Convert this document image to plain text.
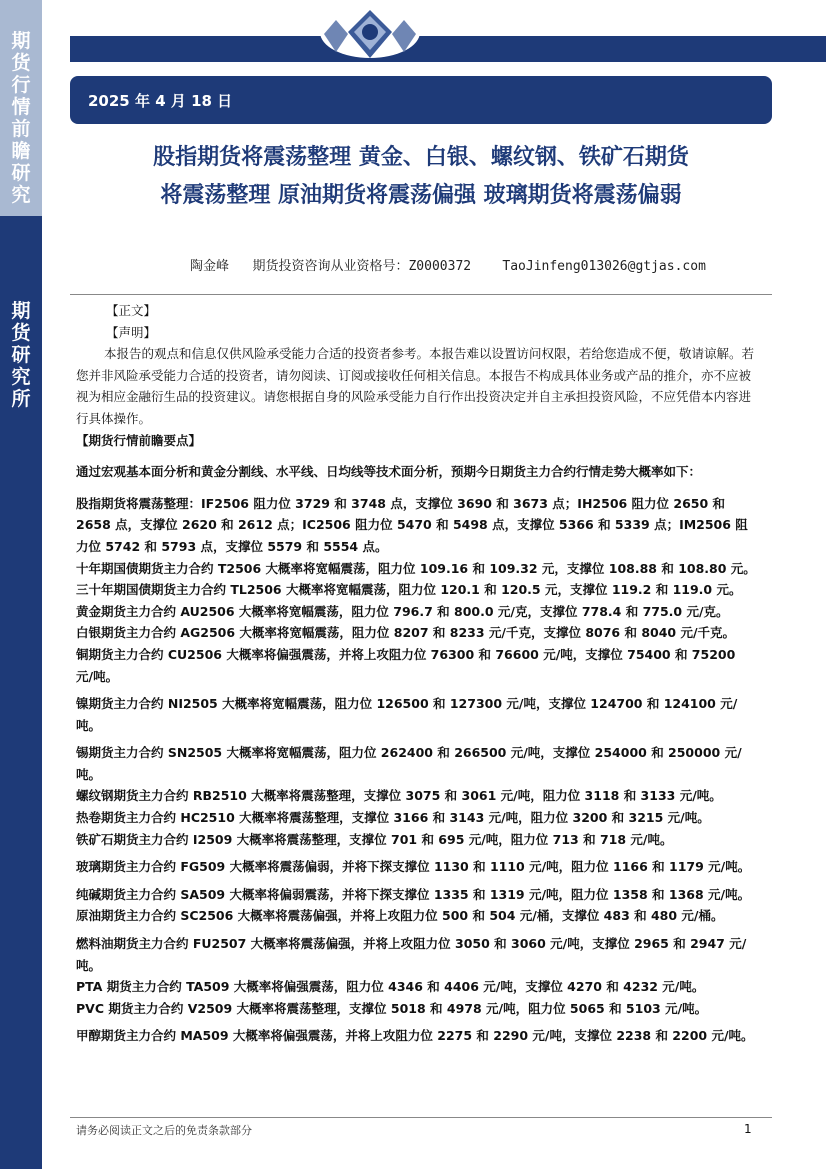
期
货
行
情
前
瞻
研
究
期
货
研
究
所
2025 年 4 月 18 日
股指期货将震荡整理 黄金、白银、螺纹钢、铁矿石期货
将震荡整理 原油期货将震荡偏强 玻璃期货将震荡偏弱
陶金峰   期货投资咨询从业资格号：Z0000372    TaoJinfeng013026@gtjas.com

【正文】

【声明】

本报告的观点和信息仅供风险承受能力合适的投资者参考。本报告难以设置访问权限，若给您造成不便，敬请谅解。若您并非风险承受能力合适的投资者，请勿阅读、订阅或接收任何相关信息。本报告不构成具体业务或产品的推介，亦不应被视为相应金融衍生品的投资建议。请您根据自身的风险承受能力自行作出投资决定并自主承担投资风险，不应凭借本内容进行具体操作。

【期货行情前瞻要点】

通过宏观基本面分析和黄金分割线、水平线、日均线等技术面分析，预期今日期货主力合约行情走势大概率如下：

股指期货将震荡整理：IF2506 阻力位 3729 和 3748 点，支撑位 3690 和 3673 点；IH2506 阻力位 2650 和 2658 点，支撑位 2620 和 2612 点；IC2506 阻力位 5470 和 5498 点，支撑位 5366 和 5339 点；IM2506 阻力位 5742 和 5793 点，支撑位 5579 和 5554 点。

十年期国债期货主力合约 T2506 大概率将宽幅震荡，阻力位 109.16 和 109.32 元，支撑位 108.88 和 108.80 元。

三十年期国债期货主力合约 TL2506 大概率将宽幅震荡，阻力位 120.1 和 120.5 元，支撑位 119.2 和 119.0 元。

黄金期货主力合约 AU2506 大概率将宽幅震荡，阻力位 796.7 和 800.0 元/克，支撑位 778.4 和 775.0 元/克。

白银期货主力合约 AG2506 大概率将宽幅震荡，阻力位 8207 和 8233 元/千克，支撑位 8076 和 8040 元/千克。

铜期货主力合约 CU2506 大概率将偏强震荡，并将上攻阻力位 76300 和 76600 元/吨，支撑位 75400 和 75200 元/吨。

镍期货主力合约 NI2505 大概率将宽幅震荡，阻力位 126500 和 127300 元/吨，支撑位 124700 和 124100 元/吨。

锡期货主力合约 SN2505 大概率将宽幅震荡，阻力位 262400 和 266500 元/吨，支撑位 254000 和 250000 元/吨。

螺纹钢期货主力合约 RB2510 大概率将震荡整理，支撑位 3075 和 3061 元/吨，阻力位 3118 和 3133 元/吨。

热卷期货主力合约 HC2510 大概率将震荡整理，支撑位 3166 和 3143 元/吨，阻力位 3200 和 3215 元/吨。

铁矿石期货主力合约 I2509 大概率将震荡整理，支撑位 701 和 695 元/吨，阻力位 713 和 718 元/吨。

玻璃期货主力合约 FG509 大概率将震荡偏弱，并将下探支撑位 1130 和 1110 元/吨，阻力位 1166 和 1179 元/吨。

纯碱期货主力合约 SA509 大概率将偏弱震荡，并将下探支撑位 1335 和 1319 元/吨，阻力位 1358 和 1368 元/吨。

原油期货主力合约 SC2506 大概率将震荡偏强，并将上攻阻力位 500 和 504 元/桶，支撑位 483 和 480 元/桶。

燃料油期货主力合约 FU2507 大概率将震荡偏强，并将上攻阻力位 3050 和 3060 元/吨，支撑位 2965 和 2947 元/吨。

PTA 期货主力合约 TA509 大概率将偏强震荡，阻力位 4346 和 4406 元/吨，支撑位 4270 和 4232 元/吨。

PVC 期货主力合约 V2509 大概率将震荡整理，支撑位 5018 和 4978 元/吨，阻力位 5065 和 5103 元/吨。

甲醇期货主力合约 MA509 大概率将偏强震荡，并将上攻阻力位 2275 和 2290 元/吨，支撑位 2238 和 2200 元/吨。

请务必阅读正文之后的免责条款部分	1
